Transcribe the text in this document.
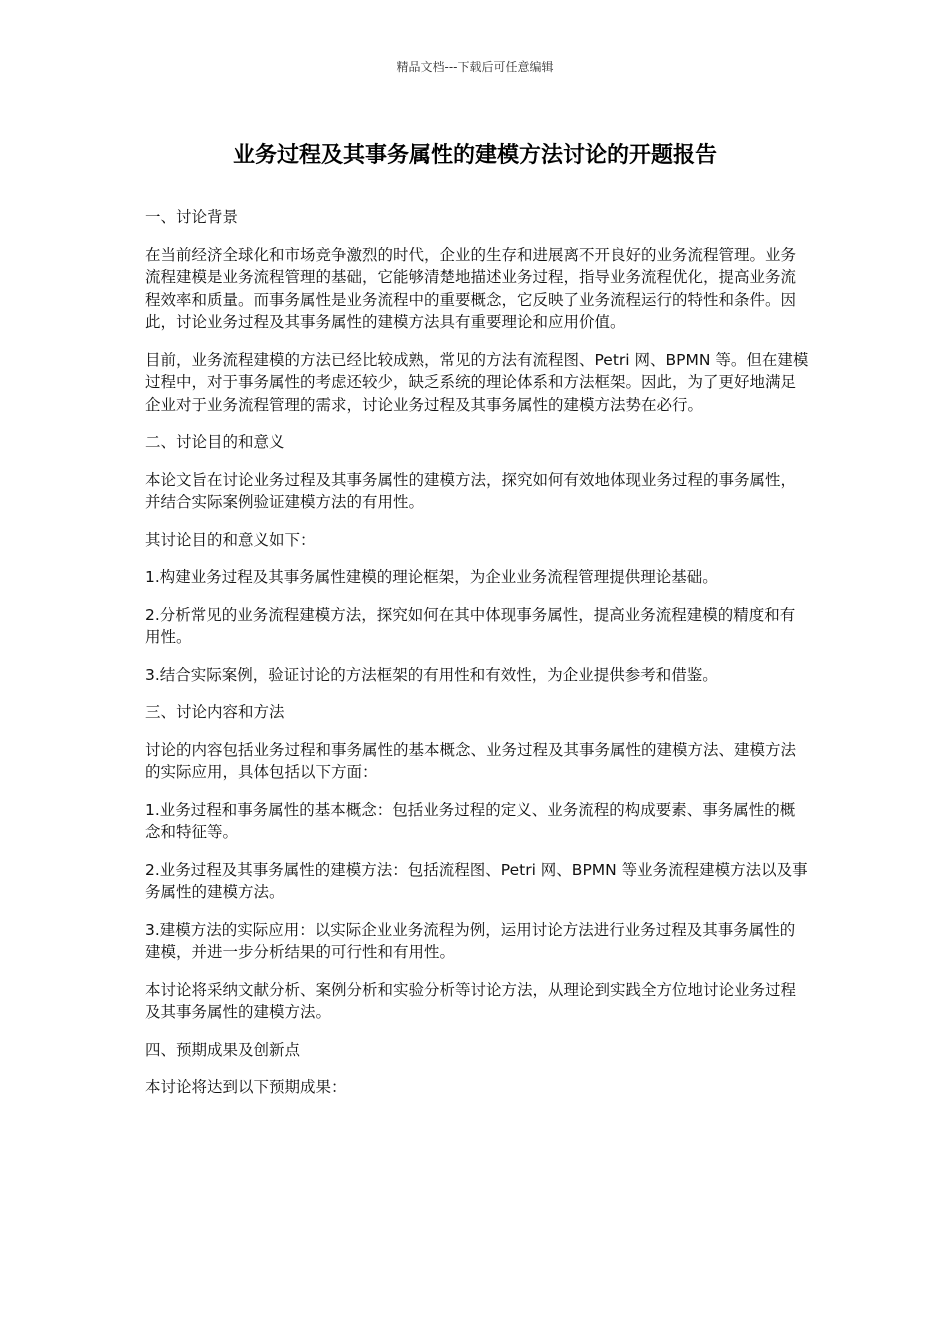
精品文档---下载后可任意编辑
业务过程及其事务属性的建模方法讨论的开题报告

一、讨论背景

在当前经济全球化和市场竞争激烈的时代，企业的生存和进展离不开良好的业务流程管理。业务流程建模是业务流程管理的基础，它能够清楚地描述业务过程，指导业务流程优化，提高业务流程效率和质量。而事务属性是业务流程中的重要概念，它反映了业务流程运行的特性和条件。因此，讨论业务过程及其事务属性的建模方法具有重要理论和应用价值。

目前，业务流程建模的方法已经比较成熟，常见的方法有流程图、Petri 网、BPMN 等。但在建模过程中，对于事务属性的考虑还较少，缺乏系统的理论体系和方法框架。因此，为了更好地满足企业对于业务流程管理的需求，讨论业务过程及其事务属性的建模方法势在必行。

二、讨论目的和意义

本论文旨在讨论业务过程及其事务属性的建模方法，探究如何有效地体现业务过程的事务属性，并结合实际案例验证建模方法的有用性。

其讨论目的和意义如下：

1.构建业务过程及其事务属性建模的理论框架，为企业业务流程管理提供理论基础。

2.分析常见的业务流程建模方法，探究如何在其中体现事务属性，提高业务流程建模的精度和有用性。

3.结合实际案例，验证讨论的方法框架的有用性和有效性，为企业提供参考和借鉴。

三、讨论内容和方法

讨论的内容包括业务过程和事务属性的基本概念、业务过程及其事务属性的建模方法、建模方法的实际应用，具体包括以下方面：

1.业务过程和事务属性的基本概念：包括业务过程的定义、业务流程的构成要素、事务属性的概念和特征等。

2.业务过程及其事务属性的建模方法：包括流程图、Petri 网、BPMN 等业务流程建模方法以及事务属性的建模方法。

3.建模方法的实际应用：以实际企业业务流程为例，运用讨论方法进行业务过程及其事务属性的建模，并进一步分析结果的可行性和有用性。

本讨论将采纳文献分析、案例分析和实验分析等讨论方法，从理论到实践全方位地讨论业务过程及其事务属性的建模方法。

四、预期成果及创新点

本讨论将达到以下预期成果：
